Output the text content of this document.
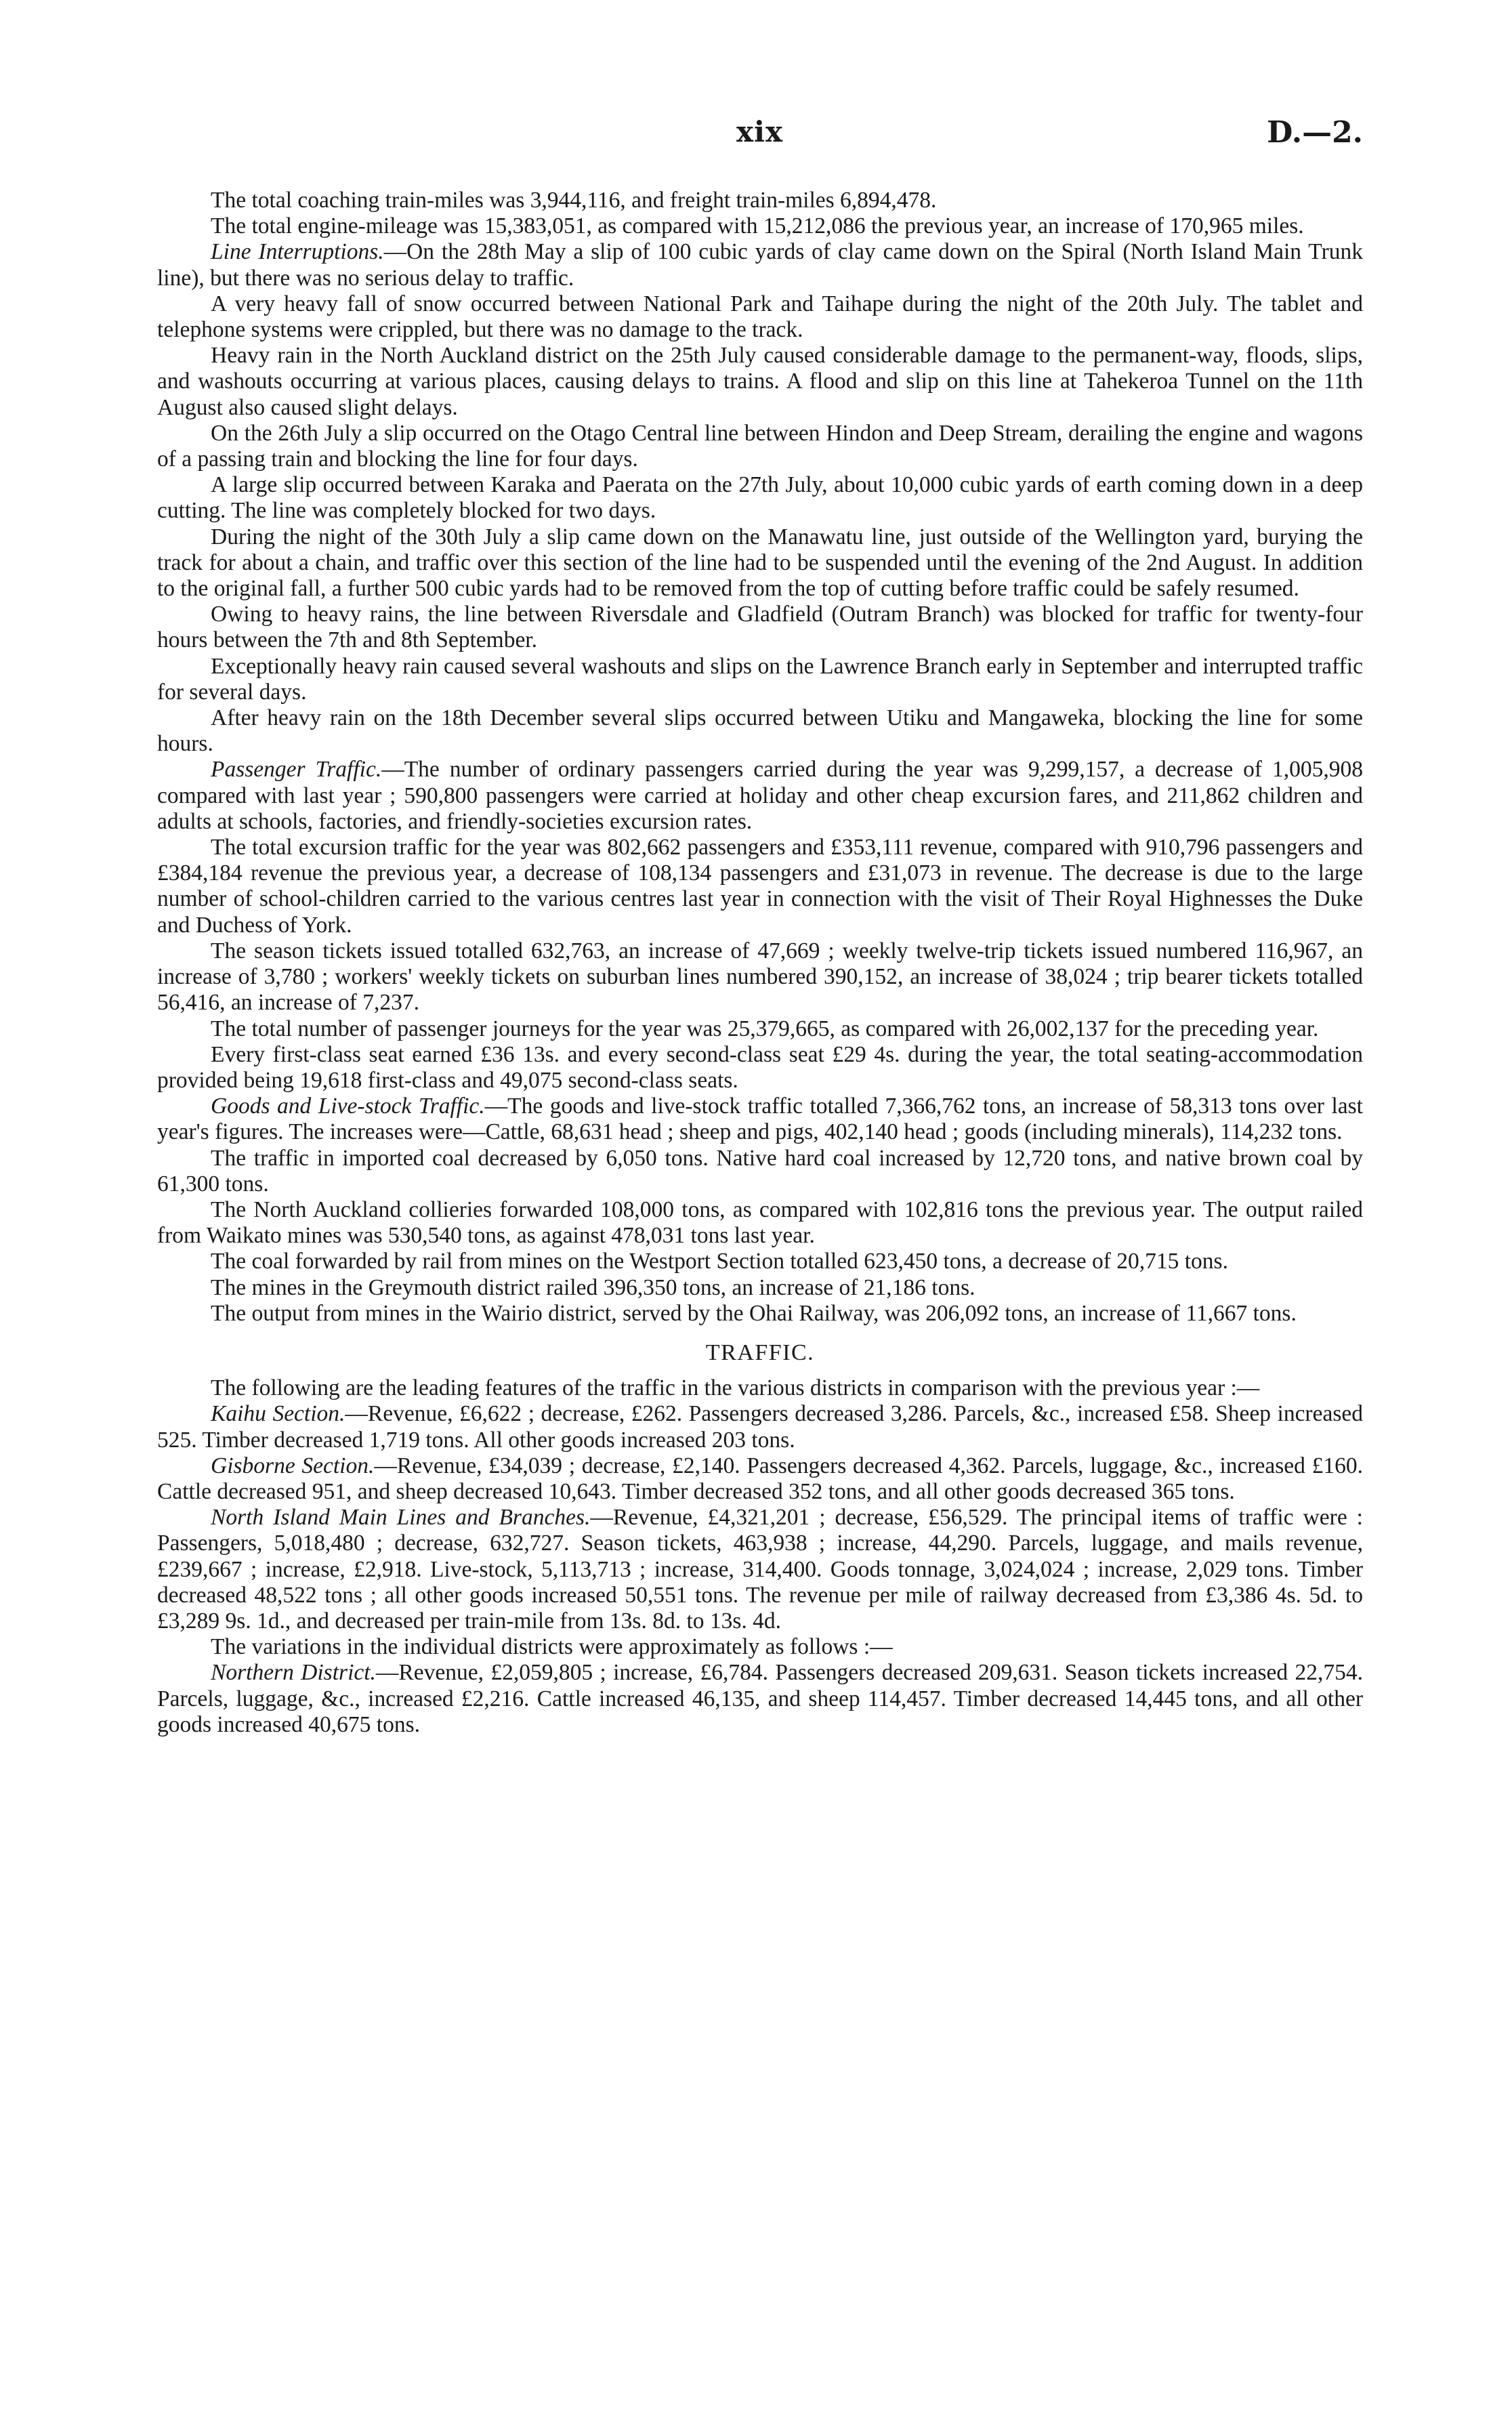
xix	D.—2.

The total coaching train-miles was 3,944,116, and freight train-miles 6,894,478.

The total engine-mileage was 15,383,051, as compared with 15,212,086 the previous year, an increase of 170,965 miles.

Line Interruptions.—On the 28th May a slip of 100 cubic yards of clay came down on the Spiral (North Island Main Trunk line), but there was no serious delay to traffic.

A very heavy fall of snow occurred between National Park and Taihape during the night of the 20th July. The tablet and telephone systems were crippled, but there was no damage to the track.

Heavy rain in the North Auckland district on the 25th July caused considerable damage to the permanent-way, floods, slips, and washouts occurring at various places, causing delays to trains. A flood and slip on this line at Tahekeroa Tunnel on the 11th August also caused slight delays.

On the 26th July a slip occurred on the Otago Central line between Hindon and Deep Stream, derailing the engine and wagons of a passing train and blocking the line for four days.

A large slip occurred between Karaka and Paerata on the 27th July, about 10,000 cubic yards of earth coming down in a deep cutting. The line was completely blocked for two days.

During the night of the 30th July a slip came down on the Manawatu line, just outside of the Wellington yard, burying the track for about a chain, and traffic over this section of the line had to be suspended until the evening of the 2nd August. In addition to the original fall, a further 500 cubic yards had to be removed from the top of cutting before traffic could be safely resumed.

Owing to heavy rains, the line between Riversdale and Gladfield (Outram Branch) was blocked for traffic for twenty-four hours between the 7th and 8th September.

Exceptionally heavy rain caused several washouts and slips on the Lawrence Branch early in September and interrupted traffic for several days.

After heavy rain on the 18th December several slips occurred between Utiku and Mangaweka, blocking the line for some hours.

Passenger Traffic.—The number of ordinary passengers carried during the year was 9,299,157, a decrease of 1,005,908 compared with last year ; 590,800 passengers were carried at holiday and other cheap excursion fares, and 211,862 children and adults at schools, factories, and friendly-societies excursion rates.

The total excursion traffic for the year was 802,662 passengers and £353,111 revenue, compared with 910,796 passengers and £384,184 revenue the previous year, a decrease of 108,134 passengers and £31,073 in revenue. The decrease is due to the large number of school-children carried to the various centres last year in connection with the visit of Their Royal Highnesses the Duke and Duchess of York.

The season tickets issued totalled 632,763, an increase of 47,669 ; weekly twelve-trip tickets issued numbered 116,967, an increase of 3,780 ; workers' weekly tickets on suburban lines numbered 390,152, an increase of 38,024 ; trip bearer tickets totalled 56,416, an increase of 7,237.

The total number of passenger journeys for the year was 25,379,665, as compared with 26,002,137 for the preceding year.

Every first-class seat earned £36 13s. and every second-class seat £29 4s. during the year, the total seating-accommodation provided being 19,618 first-class and 49,075 second-class seats.

Goods and Live-stock Traffic.—The goods and live-stock traffic totalled 7,366,762 tons, an increase of 58,313 tons over last year's figures. The increases were—Cattle, 68,631 head ; sheep and pigs, 402,140 head ; goods (including minerals), 114,232 tons.

The traffic in imported coal decreased by 6,050 tons. Native hard coal increased by 12,720 tons, and native brown coal by 61,300 tons.

The North Auckland collieries forwarded 108,000 tons, as compared with 102,816 tons the previous year. The output railed from Waikato mines was 530,540 tons, as against 478,031 tons last year.

The coal forwarded by rail from mines on the Westport Section totalled 623,450 tons, a decrease of 20,715 tons.

The mines in the Greymouth district railed 396,350 tons, an increase of 21,186 tons.

The output from mines in the Wairio district, served by the Ohai Railway, was 206,092 tons, an increase of 11,667 tons.

TRAFFIC.

The following are the leading features of the traffic in the various districts in comparison with the previous year :—

Kaihu Section.—Revenue, £6,622 ; decrease, £262. Passengers decreased 3,286. Parcels, &c., increased £58. Sheep increased 525. Timber decreased 1,719 tons. All other goods increased 203 tons.

Gisborne Section.—Revenue, £34,039 ; decrease, £2,140. Passengers decreased 4,362. Parcels, luggage, &c., increased £160. Cattle decreased 951, and sheep decreased 10,643. Timber decreased 352 tons, and all other goods decreased 365 tons.

North Island Main Lines and Branches.—Revenue, £4,321,201 ; decrease, £56,529. The principal items of traffic were : Passengers, 5,018,480 ; decrease, 632,727. Season tickets, 463,938 ; increase, 44,290. Parcels, luggage, and mails revenue, £239,667 ; increase, £2,918. Live-stock, 5,113,713 ; increase, 314,400. Goods tonnage, 3,024,024 ; increase, 2,029 tons. Timber decreased 48,522 tons ; all other goods increased 50,551 tons. The revenue per mile of railway decreased from £3,386 4s. 5d. to £3,289 9s. 1d., and decreased per train-mile from 13s. 8d. to 13s. 4d.

The variations in the individual districts were approximately as follows :—

Northern District.—Revenue, £2,059,805 ; increase, £6,784. Passengers decreased 209,631. Season tickets increased 22,754. Parcels, luggage, &c., increased £2,216. Cattle increased 46,135, and sheep 114,457. Timber decreased 14,445 tons, and all other goods increased 40,675 tons.
